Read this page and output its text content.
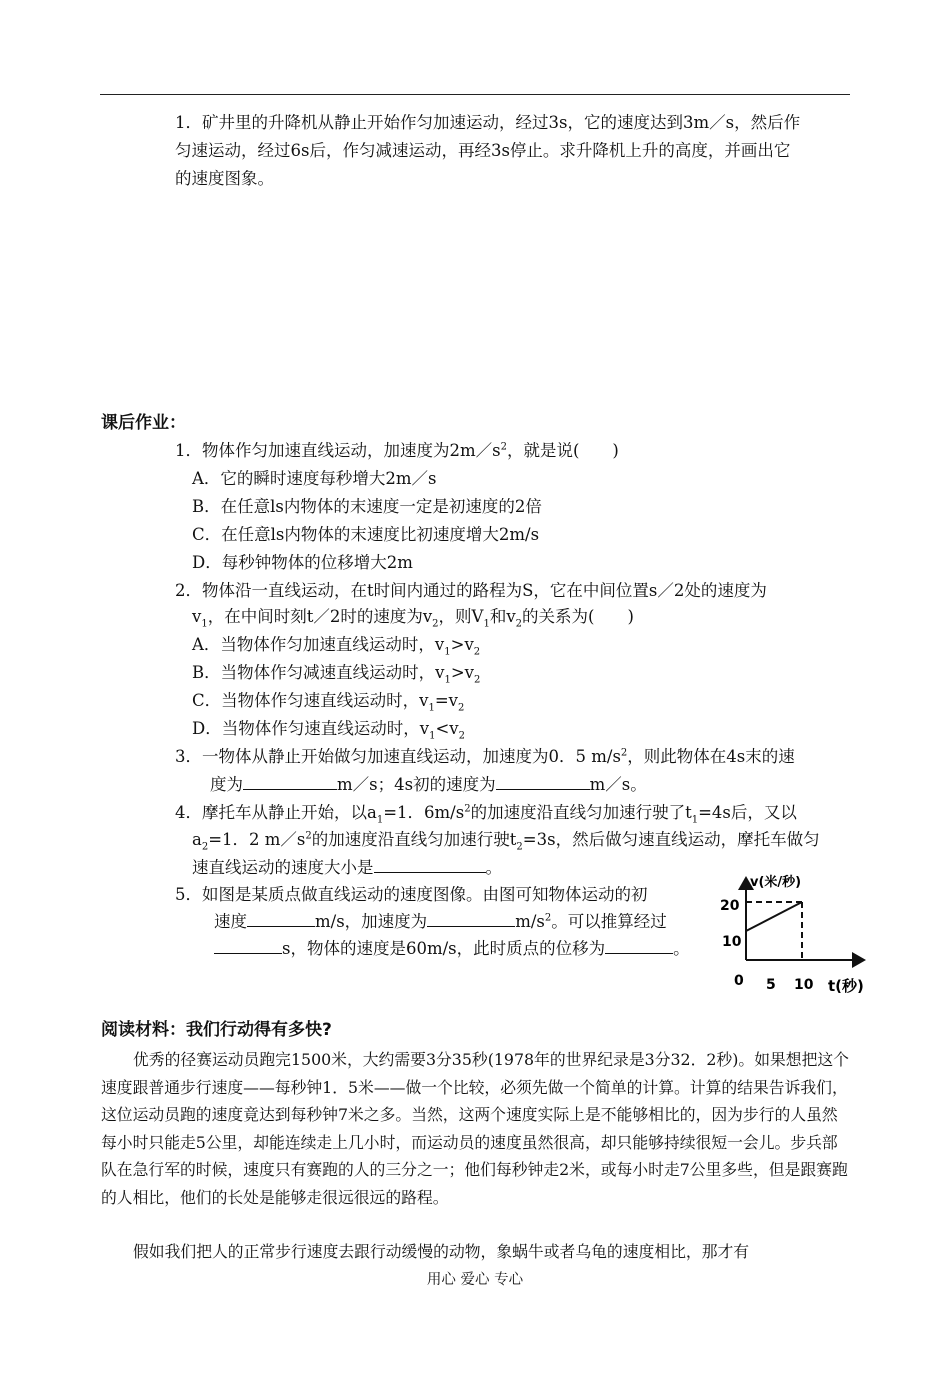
1．矿井里的升降机从静止开始作匀加速运动，经过3s，它的速度达到3m／s，然后作
匀速运动，经过6s后，作匀减速运动，再经3s停止。求升降机上升的高度，并画出它
的速度图象。
课后作业：
1．物体作匀加速直线运动，加速度为$2m/s^2$，就是说(　　)
A．它的瞬时速度每秒增大2m／s
B．在任意ls内物体的末速度一定是初速度的2倍
C．在任意ls内物体的末速度比初速度增大2m/s
D．每秒钟物体的位移增大2m
2．物体沿一直线运动，在t时间内通过的路程为S，它在中间位置s／2处的速度为
$v_1$，在中间时刻t／2时的速度为$v_2$，则$V_1$和$v_2$的关系为(　　)
A．当物体作匀加速直线运动时，$v_1>v_2$
B．当物体作匀减速直线运动时，$v_1>v_2$
C．当物体作匀速直线运动时，$v_1=v_2$
D．当物体作匀速直线运动时，$v_1<v_2$
3．一物体从静止开始做匀加速直线运动，加速度为0．5 $m/s^2$，则此物体在4s末的速
度为	m／s；4s初的速度为	m／s。
4．摩托车从静止开始，以$a_1=1$．$6m/s^2$的加速度沿直线匀加速行驶了$t_1=4s$后，又以
$a_2=1$．2 $m/s^2$的加速度沿直线匀加速行驶$t_2=3s$，然后做匀速直线运动，摩托车做匀
速直线运动的速度大小是	。
5．如图是某质点做直线运动的速度图像。由图可知物体运动的初
速度	m/s，加速度为	$m/s^2$。可以推算经过
s，物体的速度是60m/s，此时质点的位移为	。
v(米/秒)
20
10
0 5 10 t(秒)
阅读材料：我们行动得有多快?
优秀的径赛运动员跑完1500米，大约需要3分35秒(1978年的世界纪录是3分32．2秒)。如果想把这个速度跟普通步行速度——每秒钟1．5米——做一个比较，必须先做一个简单的计算。计算的结果告诉我们，这位运动员跑的速度竟达到每秒钟7米之多。当然，这两个速度实际上是不能够相比的，因为步行的人虽然每小时只能走5公里，却能连续走上几小时，而运动员的速度虽然很高，却只能够持续很短一会儿。步兵部队在急行军的时候，速度只有赛跑的人的三分之一；他们每秒钟走2米，或每小时走7公里多些，但是跟赛跑的人相比，他们的长处是能够走很远很远的路程。
假如我们把人的正常步行速度去跟行动缓慢的动物，象蜗牛或者乌龟的速度相比，那才有
用心 爱心 专心
